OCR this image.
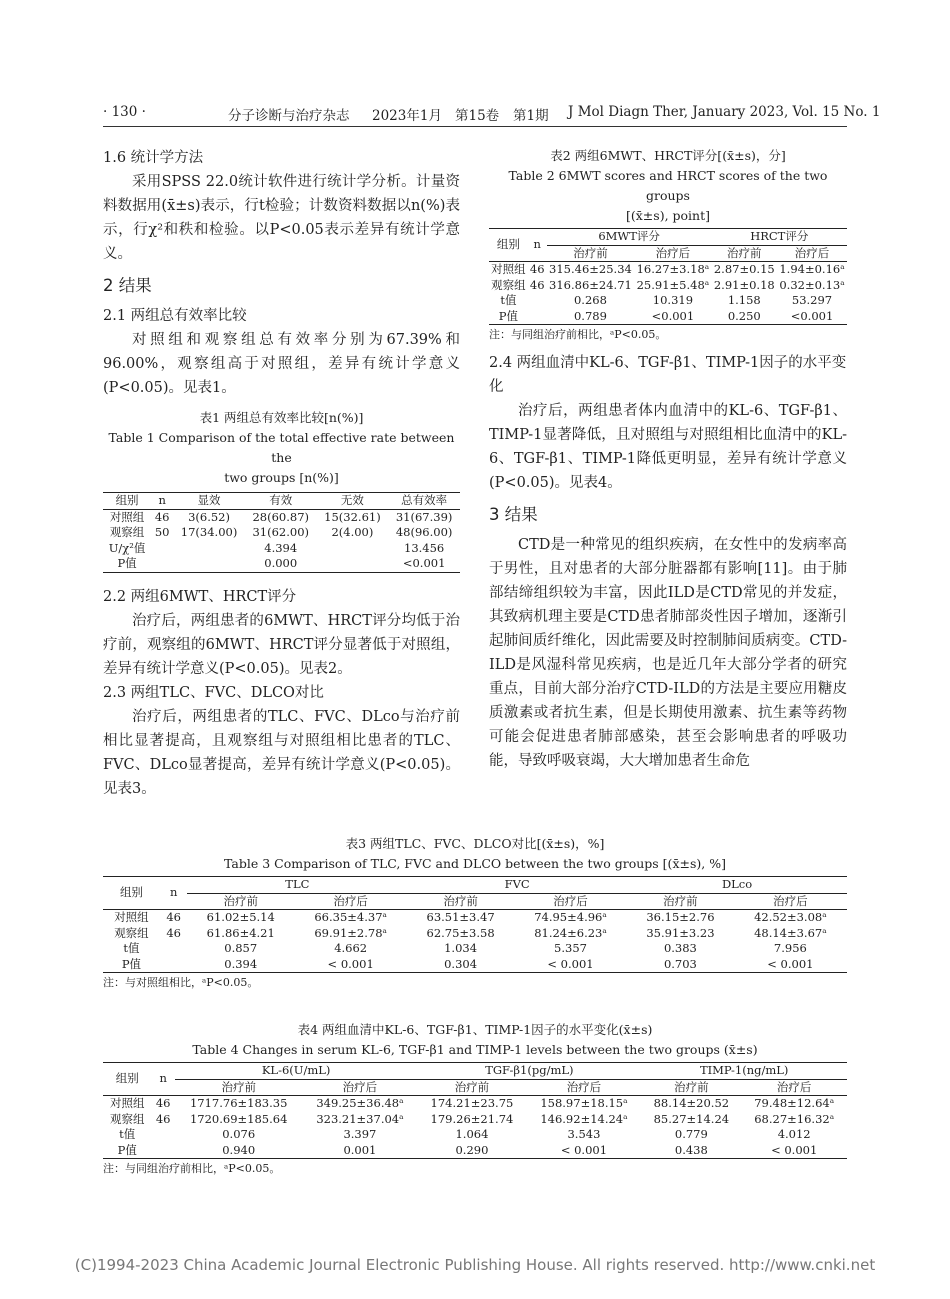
· 130 ·	分子诊断与治疗杂志 2023年1月 第15卷 第1期 J Mol Diagn Ther, January 2023, Vol. 15 No. 1

1.6 统计学方法

采用SPSS 22.0统计软件进行统计学分析。计量资料数据用(x̄±s)表示，行t检验；计数资料数据以n(%)表示，行χ²和秩和检验。以P<0.05表示差异有统计学意义。

2 结果

2.1 两组总有效率比较

对照组和观察组总有效率分别为67.39%和96.00%，观察组高于对照组，差异有统计学意义(P<0.05)。见表1。

表1 两组总有效率比较[n(%)]
Table 1 Comparison of the total effective rate between the
two groups [n(%)]
组别	n	显效	有效	无效	总有效率
对照组	46	3(6.52)	28(60.87)	15(32.61)	31(67.39)
观察组	50	17(34.00)	31(62.00)	2(4.00)	48(96.00)
U/χ²值			4.394		13.456
P值			0.000		<0.001

2.2 两组6MWT、HRCT评分

治疗后，两组患者的6MWT、HRCT评分均低于治疗前，观察组的6MWT、HRCT评分显著低于对照组，差异有统计学意义(P<0.05)。见表2。

2.3 两组TLC、FVC、DLCO对比

治疗后，两组患者的TLC、FVC、DLco与治疗前相比显著提高，且观察组与对照组相比患者的TLC、FVC、DLco显著提高，差异有统计学意义(P<0.05)。见表3。

表2 两组6MWT、HRCT评分[(x̄±s)，分]
Table 2 6MWT scores and HRCT scores of the two groups
[(x̄±s), point]
组别	n	6MWT评分		HRCT评分	
		治疗前	治疗后	治疗前	治疗后
对照组	46	315.46±25.34	16.27±3.18ᵃ	2.87±0.15	1.94±0.16ᵃ
观察组	46	316.86±24.71	25.91±5.48ᵃ	2.91±0.18	0.32±0.13ᵃ
t值		0.268	10.319	1.158	53.297
P值		0.789	<0.001	0.250	<0.001
注：与同组治疗前相比，ᵃP<0.05。

2.4 两组血清中KL-6、TGF-β1、TIMP-1因子的水平变化

治疗后，两组患者体内血清中的KL-6、TGF-β1、TIMP-1显著降低，且对照组与对照组相比血清中的KL-6、TGF-β1、TIMP-1降低更明显，差异有统计学意义(P<0.05)。见表4。

3 结果

CTD是一种常见的组织疾病，在女性中的发病率高于男性，且对患者的大部分脏器都有影响[11]。由于肺部结缔组织较为丰富，因此ILD是CTD常见的并发症，其致病机理主要是CTD患者肺部炎性因子增加，逐渐引起肺间质纤维化，因此需要及时控制肺间质病变。CTD-ILD是风湿科常见疾病，也是近几年大部分学者的研究重点，目前大部分治疗CTD-ILD的方法是主要应用糖皮质激素或者抗生素，但是长期使用激素、抗生素等药物可能会促进患者肺部感染，甚至会影响患者的呼吸功能，导致呼吸衰竭，大大增加患者生命危

表3 两组TLC、FVC、DLCO对比[(x̄±s)，%]
Table 3 Comparison of TLC, FVC and DLCO between the two groups [(x̄±s), %]
组别	n	TLC		FVC		DLco	
		治疗前	治疗后	治疗前	治疗后	治疗前	治疗后
对照组	46	61.02±5.14	66.35±4.37ᵃ	63.51±3.47	74.95±4.96ᵃ	36.15±2.76	42.52±3.08ᵃ
观察组	46	61.86±4.21	69.91±2.78ᵃ	62.75±3.58	81.24±6.23ᵃ	35.91±3.23	48.14±3.67ᵃ
t值		0.857	4.662	1.034	5.357	0.383	7.956
P值		0.394	< 0.001	0.304	< 0.001	0.703	< 0.001
注：与对照组相比，ᵃP<0.05。
表4 两组血清中KL-6、TGF-β1、TIMP-1因子的水平变化(x̄±s)
Table 4 Changes in serum KL-6, TGF-β1 and TIMP-1 levels between the two groups (x̄±s)
组别	n	KL-6(U/mL)		TGF-β1(pg/mL)		TIMP-1(ng/mL)	
		治疗前	治疗后	治疗前	治疗后	治疗前	治疗后
对照组	46	1717.76±183.35	349.25±36.48ᵃ	174.21±23.75	158.97±18.15ᵃ	88.14±20.52	79.48±12.64ᵃ
观察组	46	1720.69±185.64	323.21±37.04ᵃ	179.26±21.74	146.92±14.24ᵃ	85.27±14.24	68.27±16.32ᵃ
t值		0.076	3.397	1.064	3.543	0.779	4.012
P值		0.940	0.001	0.290	< 0.001	0.438	< 0.001
注：与同组治疗前相比，ᵃP<0.05。
(C)1994-2023 China Academic Journal Electronic Publishing House. All rights reserved. http://www.cnki.net
